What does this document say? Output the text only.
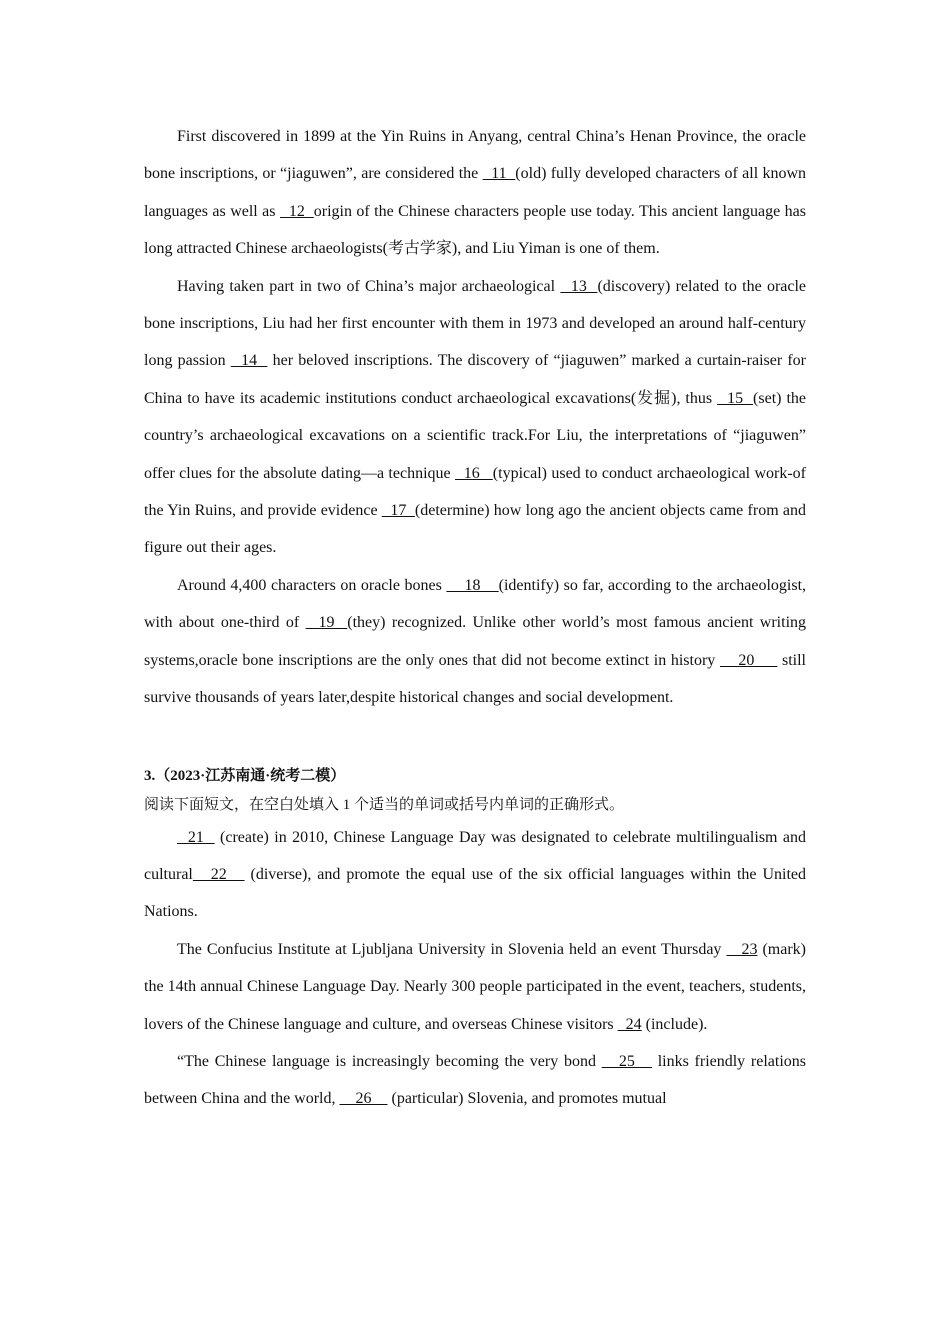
First discovered in 1899 at the Yin Ruins in Anyang, central China’s Henan Province, the oracle bone inscriptions, or “jiaguwen”, are considered the   11  (old) fully developed characters of all known languages as well as   12  origin of the Chinese characters people use today. This ancient language has long attracted Chinese archaeologists(考古学家), and Liu Yiman is one of them.

Having taken part in two of China’s major archaeological   13  (discovery) related to the oracle bone inscriptions, Liu had her first encounter with them in 1973 and developed an around half-century long passion   14   her beloved inscriptions. The discovery of “jiaguwen” marked a curtain-raiser for China to have its academic institutions conduct archaeological excavations(发掘), thus   15  (set) the country’s archaeological excavations on a scientific track.For Liu, the interpretations of “jiaguwen” offer clues for the absolute dating—a technique   16   (typical) used to conduct archaeological work-of the Yin Ruins, and provide evidence   17  (determine) how long ago the ancient objects came from and figure out their ages.

Around 4,400 characters on oracle bones     18    (identify) so far, according to the archaeologist, with about one-third of   19  (they) recognized. Unlike other world’s most famous ancient writing systems,oracle bone inscriptions are the only ones that did not become extinct in history     20      still survive thousands of years later,despite historical changes and social development.

3.（2023·江苏南通·统考二模）
阅读下面短文，在空白处填入 1 个适当的单词或括号内单词的正确形式。

21   (create) in 2010, Chinese Language Day was designated to celebrate multilingualism and cultural   22    (diverse), and promote the equal use of the six official languages within the United Nations.

The Confucius Institute at Ljubljana University in Slovenia held an event Thursday    23 (mark) the 14th annual Chinese Language Day. Nearly 300 people participated in the event, teachers, students, lovers of the Chinese language and culture, and overseas Chinese visitors   24 (include).

“The Chinese language is increasingly becoming the very bond    25    links friendly relations between China and the world,     26     (particular) Slovenia, and promotes mutual
